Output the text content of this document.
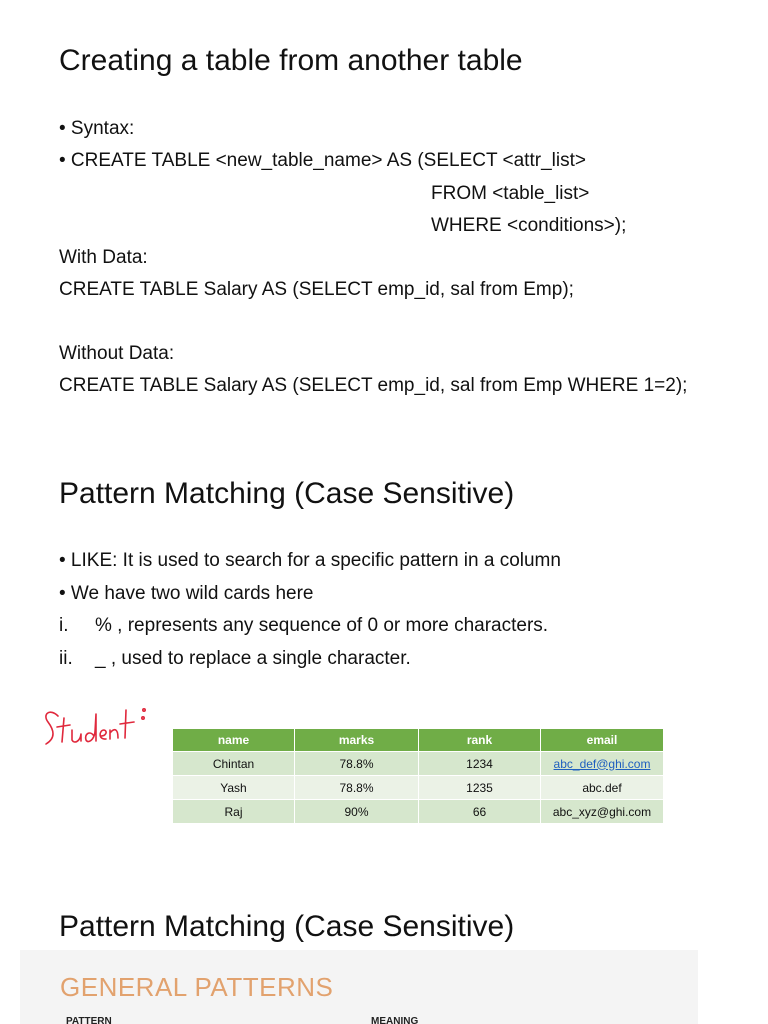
Creating a table from another table
• Syntax:
• CREATE TABLE <new_table_name> AS (SELECT <attr_list>
FROM <table_list>
WHERE <conditions>);
With Data:
CREATE TABLE Salary AS (SELECT emp_id, sal from Emp);
Without Data:
CREATE TABLE Salary AS (SELECT emp_id, sal from Emp WHERE 1=2);
Pattern Matching (Case Sensitive)
• LIKE: It is used to search for a specific pattern in a column
• We have two wild cards here
i. % , represents any sequence of 0 or more characters.
ii. _ , used to replace a single character.
name	marks	rank	email
Chintan	78.8%	1234	abc_def@ghi.com
Yash	78.8%	1235	abc.def
Raj	90%	66	abc_xyz@ghi.com
Pattern Matching (Case Sensitive)
GENERAL PATTERNS
PATTERN	MEANING
